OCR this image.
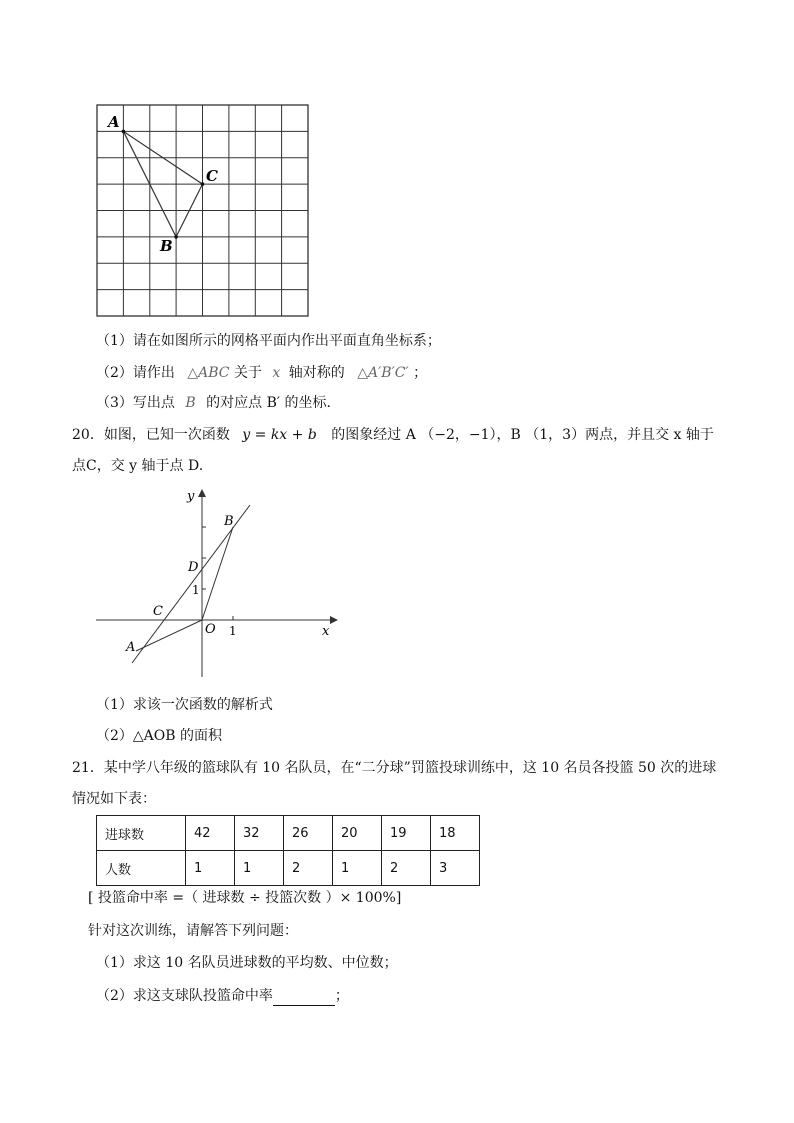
A
C
B
（1）请在如图所示的网格平面内作出平面直角坐标系；
（2）请作出 △ABC 关于 x 轴对称的 △A′B′C′ ；
（3）写出点 B 的对应点 B′ 的坐标.
20．如图，已知一次函数 y = kx + b 的图象经过 A （−2，−1），B （1，3）两点，并且交 x 轴于
点C，交 y 轴于点 D.
y
x
O 1
1
B
D
C
A
（1）求该一次函数的解析式
（2）△AOB 的面积
21．某中学八年级的篮球队有 10 名队员，在“二分球”罚篮投球训练中，这 10 名员各投篮 50 次的进球
情况如下表：
进球数	42	32	26	20	19	18
人数	1	1	2	1	2	3
[ 投篮命中率 =（ 进球数 ÷ 投篮次数 ）× 100%]
针对这次训练，请解答下列问题：
（1）求这 10 名队员进球数的平均数、中位数；
（2）求这支球队投篮命中率	；
